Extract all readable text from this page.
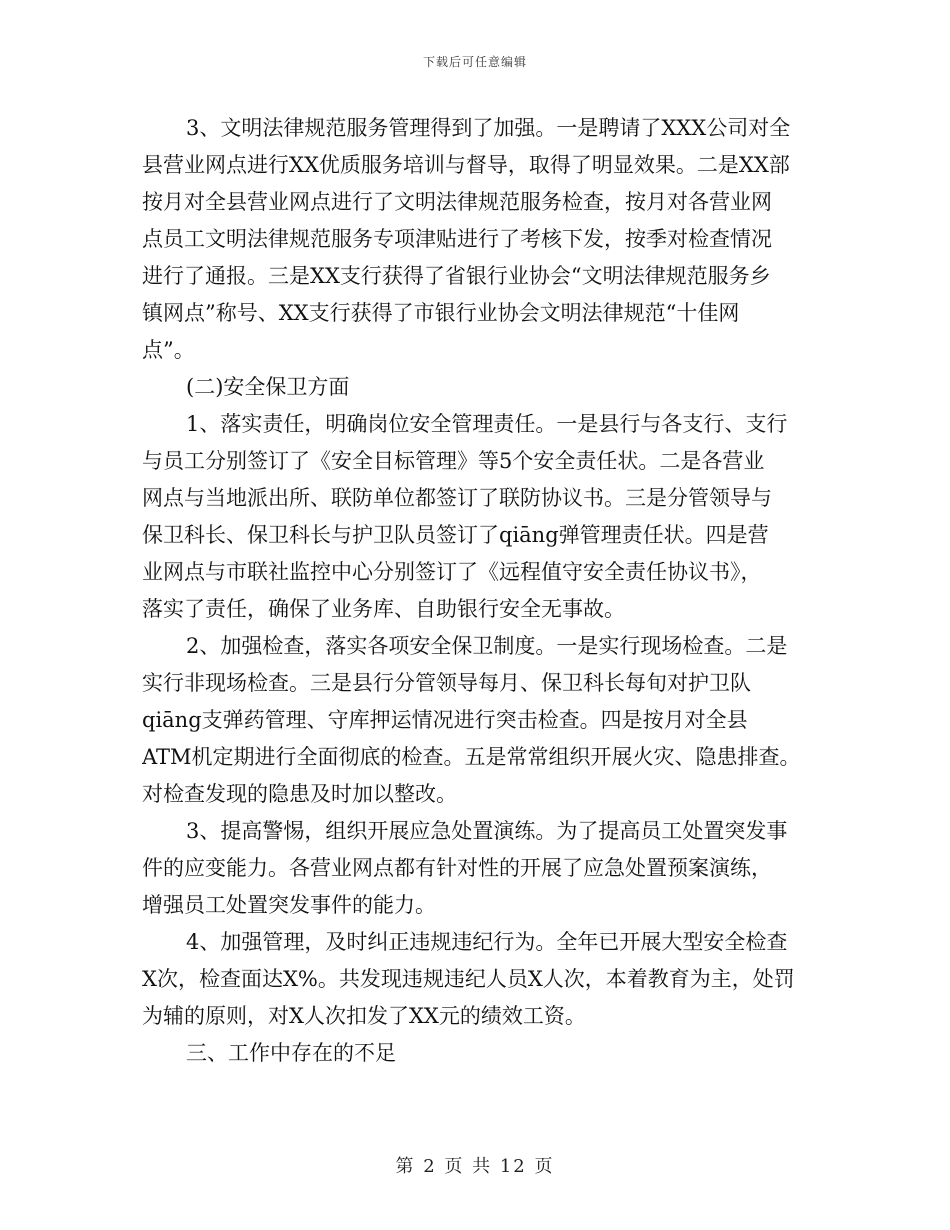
下载后可任意编辑
3、文明法律规范服务管理得到了加强。一是聘请了XXX公司对全
县营业网点进行XX优质服务培训与督导，取得了明显效果。二是XX部
按月对全县营业网点进行了文明法律规范服务检查，按月对各营业网
点员工文明法律规范服务专项津贴进行了考核下发，按季对检查情况
进行了通报。三是XX支行获得了省银行业协会“文明法律规范服务乡
镇网点”称号、XX支行获得了市银行业协会文明法律规范“十佳网
点”。
(二)安全保卫方面
1、落实责任，明确岗位安全管理责任。一是县行与各支行、支行
与员工分别签订了《安全目标管理》等5个安全责任状。二是各营业
网点与当地派出所、联防单位都签订了联防协议书。三是分管领导与
保卫科长、保卫科长与护卫队员签订了qiāng弹管理责任状。四是营
业网点与市联社监控中心分别签订了《远程值守安全责任协议书》，
落实了责任，确保了业务库、自助银行安全无事故。
2、加强检查，落实各项安全保卫制度。一是实行现场检查。二是
实行非现场检查。三是县行分管领导每月、保卫科长每旬对护卫队
qiāng支弹药管理、守库押运情况进行突击检查。四是按月对全县
ATM机定期进行全面彻底的检查。五是常常组织开展火灾、隐患排查。
对检查发现的隐患及时加以整改。
3、提高警惕，组织开展应急处置演练。为了提高员工处置突发事
件的应变能力。各营业网点都有针对性的开展了应急处置预案演练，
增强员工处置突发事件的能力。
4、加强管理，及时纠正违规违纪行为。全年已开展大型安全检查
X次，检查面达X%。共发现违规违纪人员X人次，本着教育为主，处罚
为辅的原则，对X人次扣发了XX元的绩效工资。
三、工作中存在的不足
第 2 页 共 12 页
